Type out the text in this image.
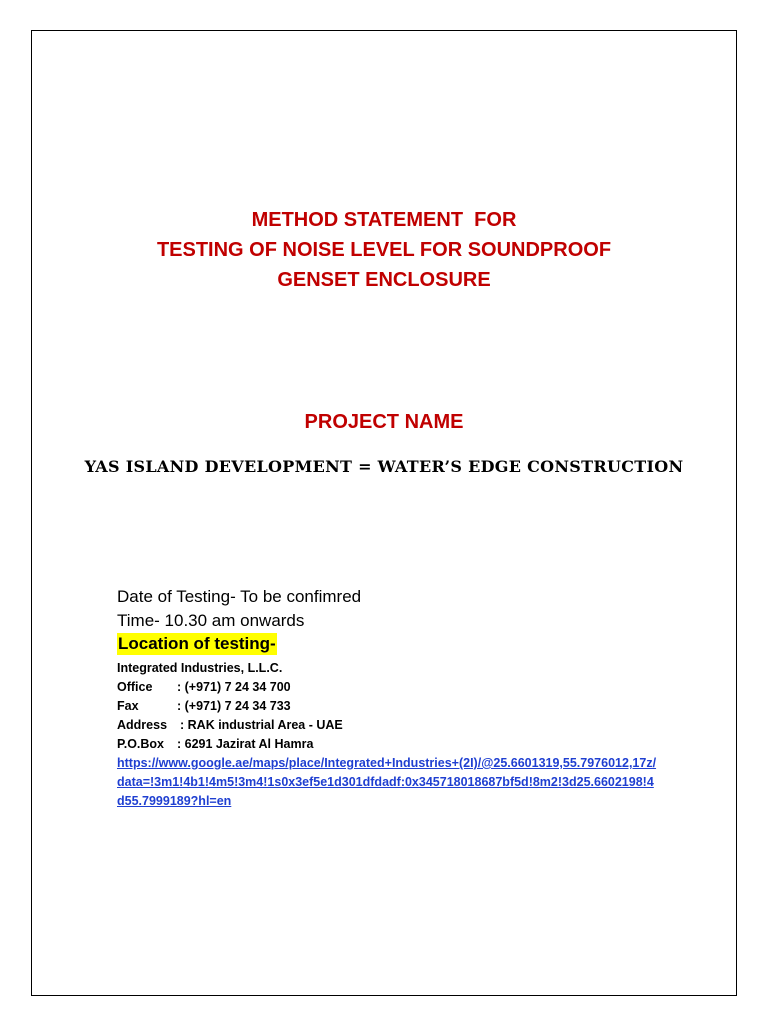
METHOD STATEMENT  FOR
TESTING OF NOISE LEVEL FOR SOUNDPROOF
GENSET ENCLOSURE
PROJECT NAME
YAS ISLAND DEVELOPMENT = WATER’S EDGE CONSTRUCTION
Date of Testing- To be confimred
Time- 10.30 am onwards
Location of testing-
Integrated Industries, L.L.C.
Office : (+971) 7 24 34 700
Fax	: (+971) 7 24 34 733
Address : RAK industrial Area - UAE
P.O.Box : 6291 Jazirat Al Hamra
https://www.google.ae/maps/place/Integrated+Industries+(2I)/@25.6601319,55.7976012,17z/data=!3m1!4b1!4m5!3m4!1s0x3ef5e1d301dfdadf:0x345718018687bf5d!8m2!3d25.6602198!4d55.7999189?hl=en
